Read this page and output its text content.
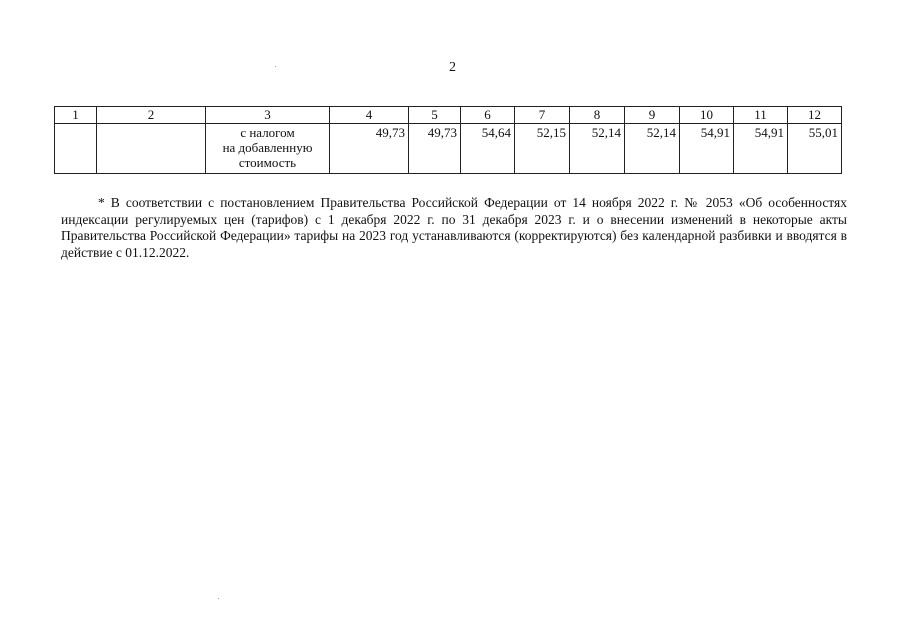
2
1	2	3	4	5	6	7	8	9	10	11	12

		с налогом
на добавленную
стоимость	49,73	49,73	54,64	52,15	52,14	52,14	54,91	54,91	55,01

* В соответствии с постановлением Правительства Российской Федерации от 14 ноября 2022 г. № 2053 «Об особенностях индексации регулируемых цен (тарифов) с 1 декабря 2022 г. по 31 декабря 2023 г. и о внесении изменений в некоторые акты Правительства Российской Федерации» тарифы на 2023 год устанавливаются (корректируются) без календарной разбивки и вводятся в действие с 01.12.2022.
